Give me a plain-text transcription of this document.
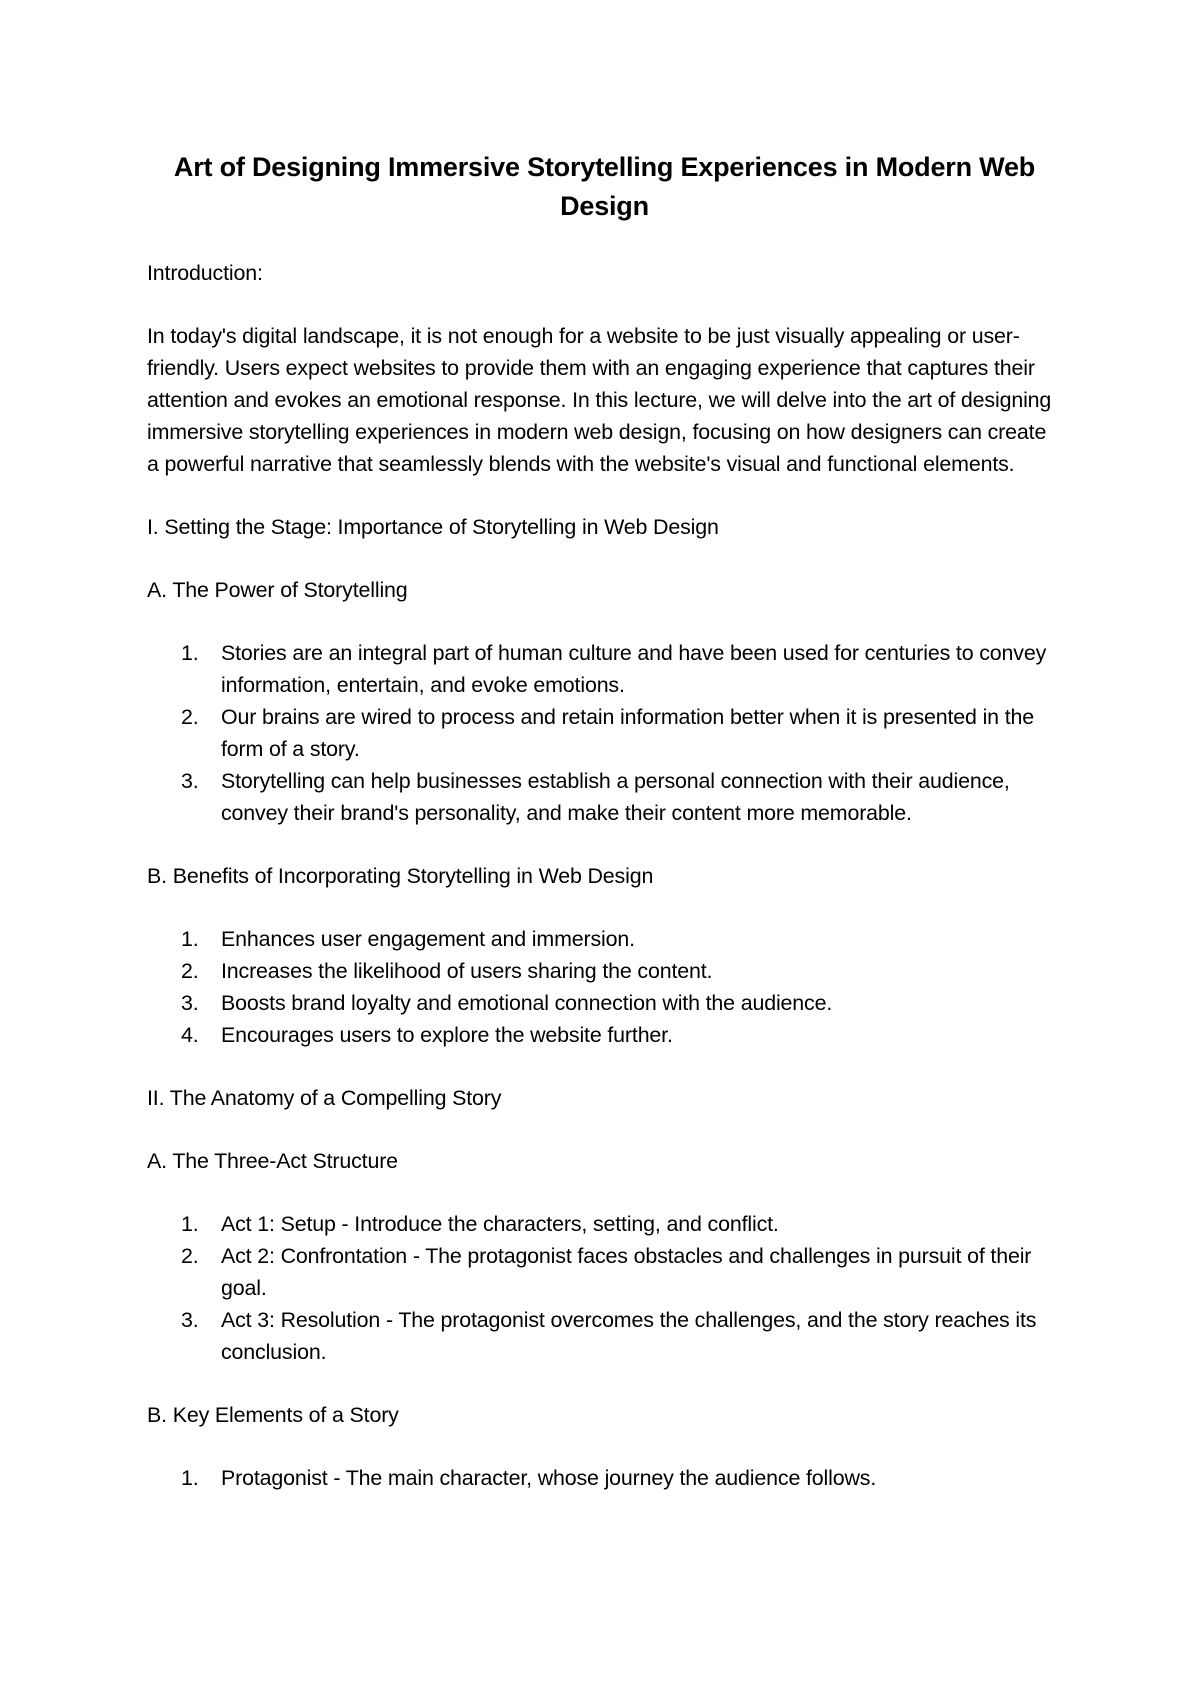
Art of Designing Immersive Storytelling Experiences in Modern Web Design

Introduction:

In today's digital landscape, it is not enough for a website to be just visually appealing or user-friendly. Users expect websites to provide them with an engaging experience that captures their attention and evokes an emotional response. In this lecture, we will delve into the art of designing immersive storytelling experiences in modern web design, focusing on how designers can create a powerful narrative that seamlessly blends with the website's visual and functional elements.

I. Setting the Stage: Importance of Storytelling in Web Design

A. The Power of Storytelling

1. Stories are an integral part of human culture and have been used for centuries to convey information, entertain, and evoke emotions.
2. Our brains are wired to process and retain information better when it is presented in the form of a story.
3. Storytelling can help businesses establish a personal connection with their audience, convey their brand's personality, and make their content more memorable.

B. Benefits of Incorporating Storytelling in Web Design

1. Enhances user engagement and immersion.
2. Increases the likelihood of users sharing the content.
3. Boosts brand loyalty and emotional connection with the audience.
4. Encourages users to explore the website further.

II. The Anatomy of a Compelling Story

A. The Three-Act Structure

1. Act 1: Setup - Introduce the characters, setting, and conflict.
2. Act 2: Confrontation - The protagonist faces obstacles and challenges in pursuit of their goal.
3. Act 3: Resolution - The protagonist overcomes the challenges, and the story reaches its conclusion.

B. Key Elements of a Story

1. Protagonist - The main character, whose journey the audience follows.
